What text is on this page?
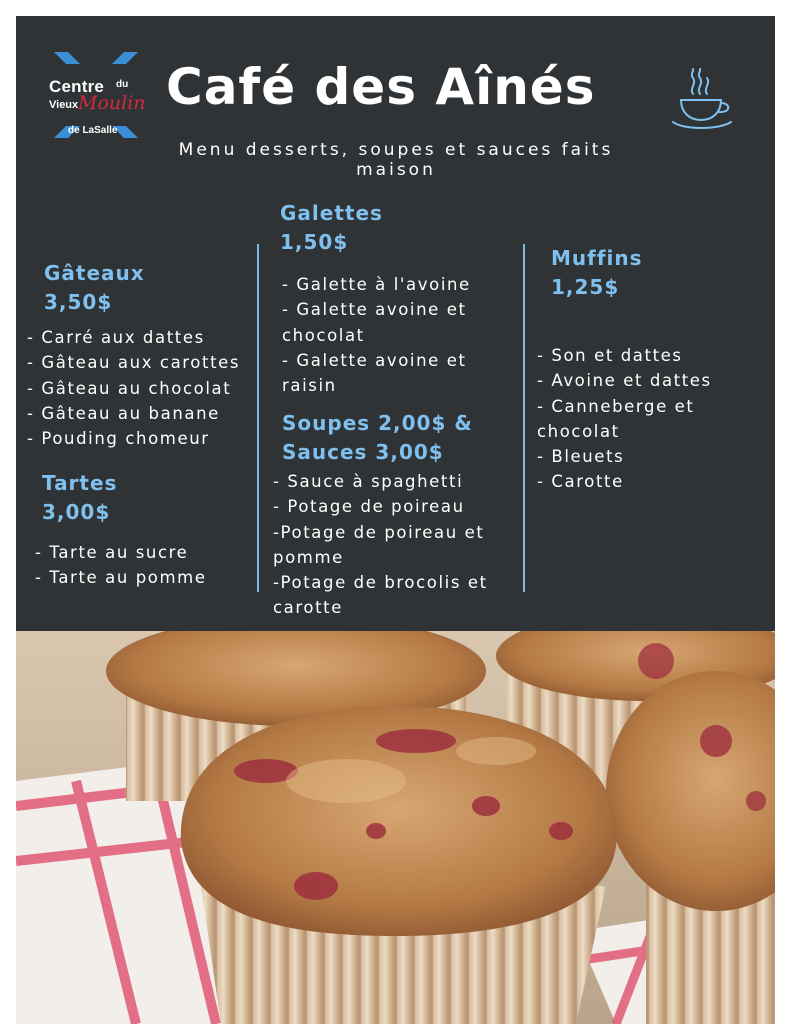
Centre du
Vieux Moulin
de LaSalle
Café des Aînés
Menu desserts, soupes et sauces faits maison
Gâteaux
3,50$
- Carré aux dattes
- Gâteau aux carottes
- Gâteau au chocolat
- Gâteau au banane
- Pouding chomeur
Tartes
3,00$
- Tarte au sucre
- Tarte au pomme
Galettes
1,50$
- Galette à l'avoine
- Galette avoine et
chocolat
- Galette avoine et
raisin
Soupes 2,00$ &
Sauces 3,00$
- Sauce à spaghetti
- Potage de poireau
-Potage de poireau et
pomme
-Potage de brocolis et
carotte
Muffins
1,25$
- Son et dattes
- Avoine et dattes
- Canneberge et
chocolat
- Bleuets
- Carotte
